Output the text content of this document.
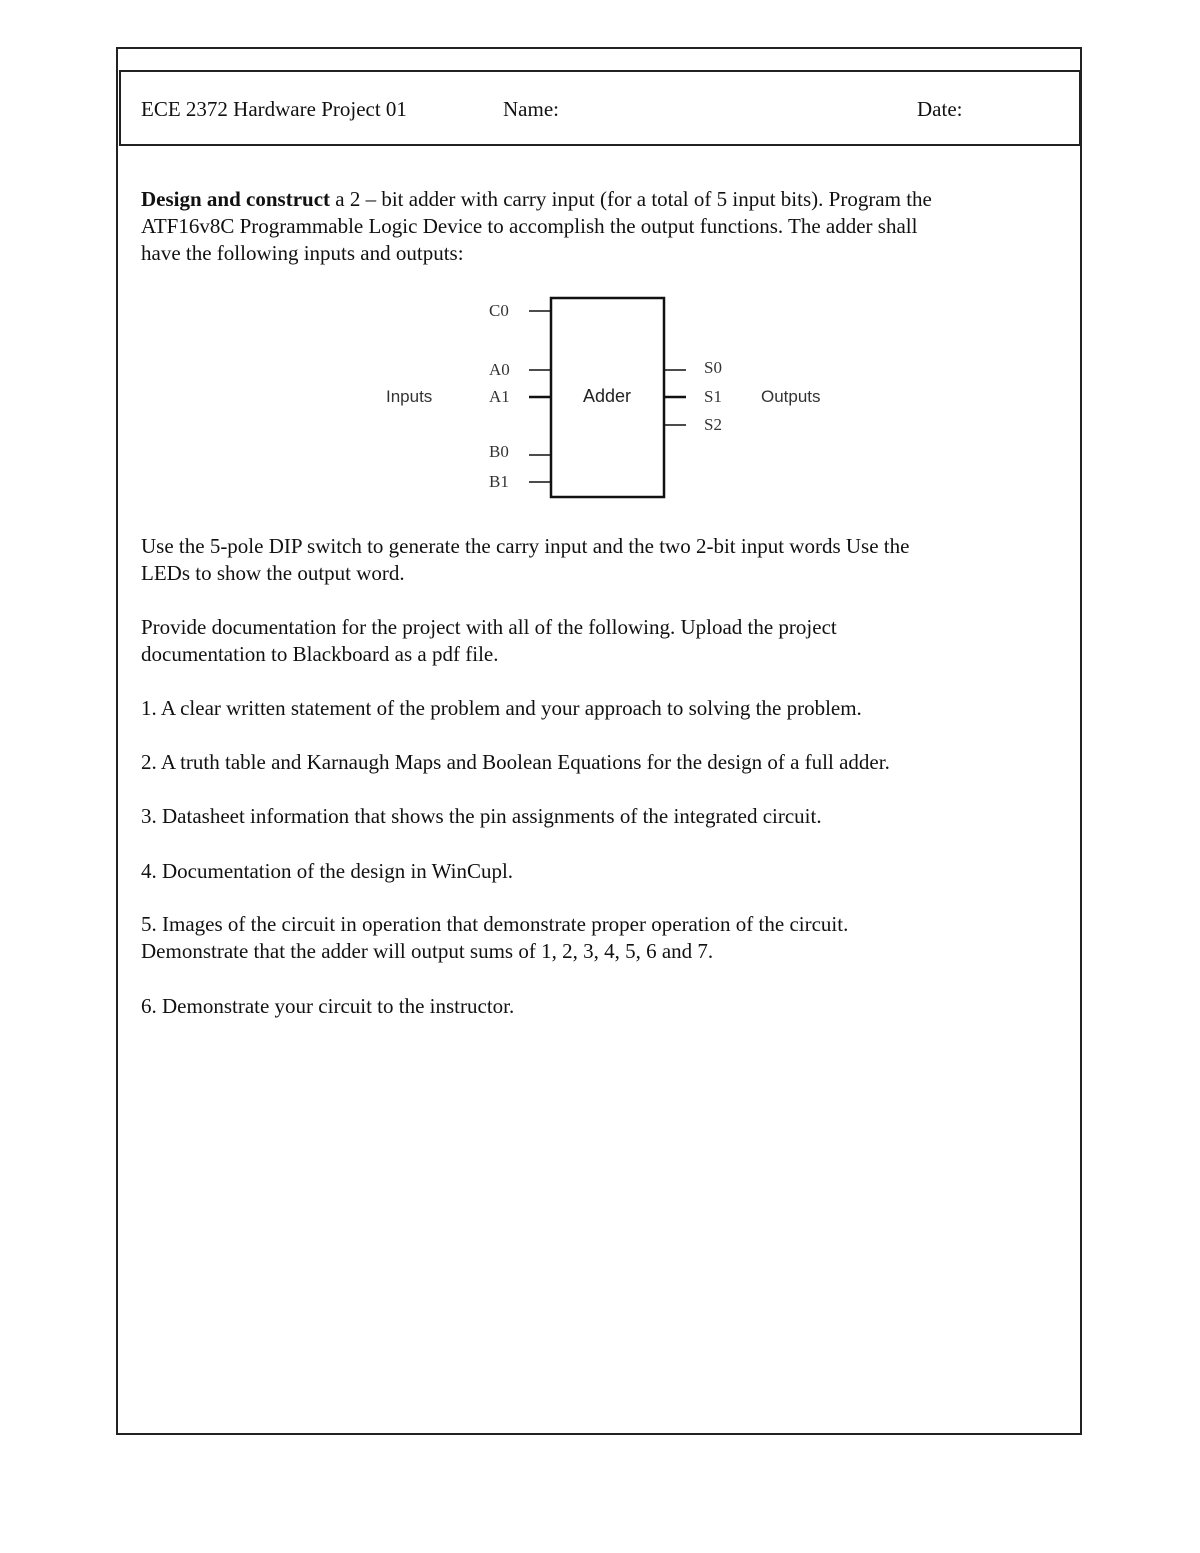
ECE 2372 Hardware Project 01	Name:	Date:
Design and construct a 2 – bit adder with carry input (for a total of 5 input bits). Program the
ATF16v8C Programmable Logic Device to accomplish the output functions. The adder shall
have the following inputs and outputs:
Adder
Inputs	Outputs
C0
A0
A1
B0
B1
S0
S1
S2
Use the 5-pole DIP switch to generate the carry input and the two 2-bit input words Use the
LEDs to show the output word.
Provide documentation for the project with all of the following. Upload the project
documentation to Blackboard as a pdf file.
1. A clear written statement of the problem and your approach to solving the problem.
2. A truth table and Karnaugh Maps and Boolean Equations for the design of a full adder.
3. Datasheet information that shows the pin assignments of the integrated circuit.
4. Documentation of the design in WinCupl.
5. Images of the circuit in operation that demonstrate proper operation of the circuit.
Demonstrate that the adder will output sums of 1, 2, 3, 4, 5, 6 and 7.
6. Demonstrate your circuit to the instructor.
